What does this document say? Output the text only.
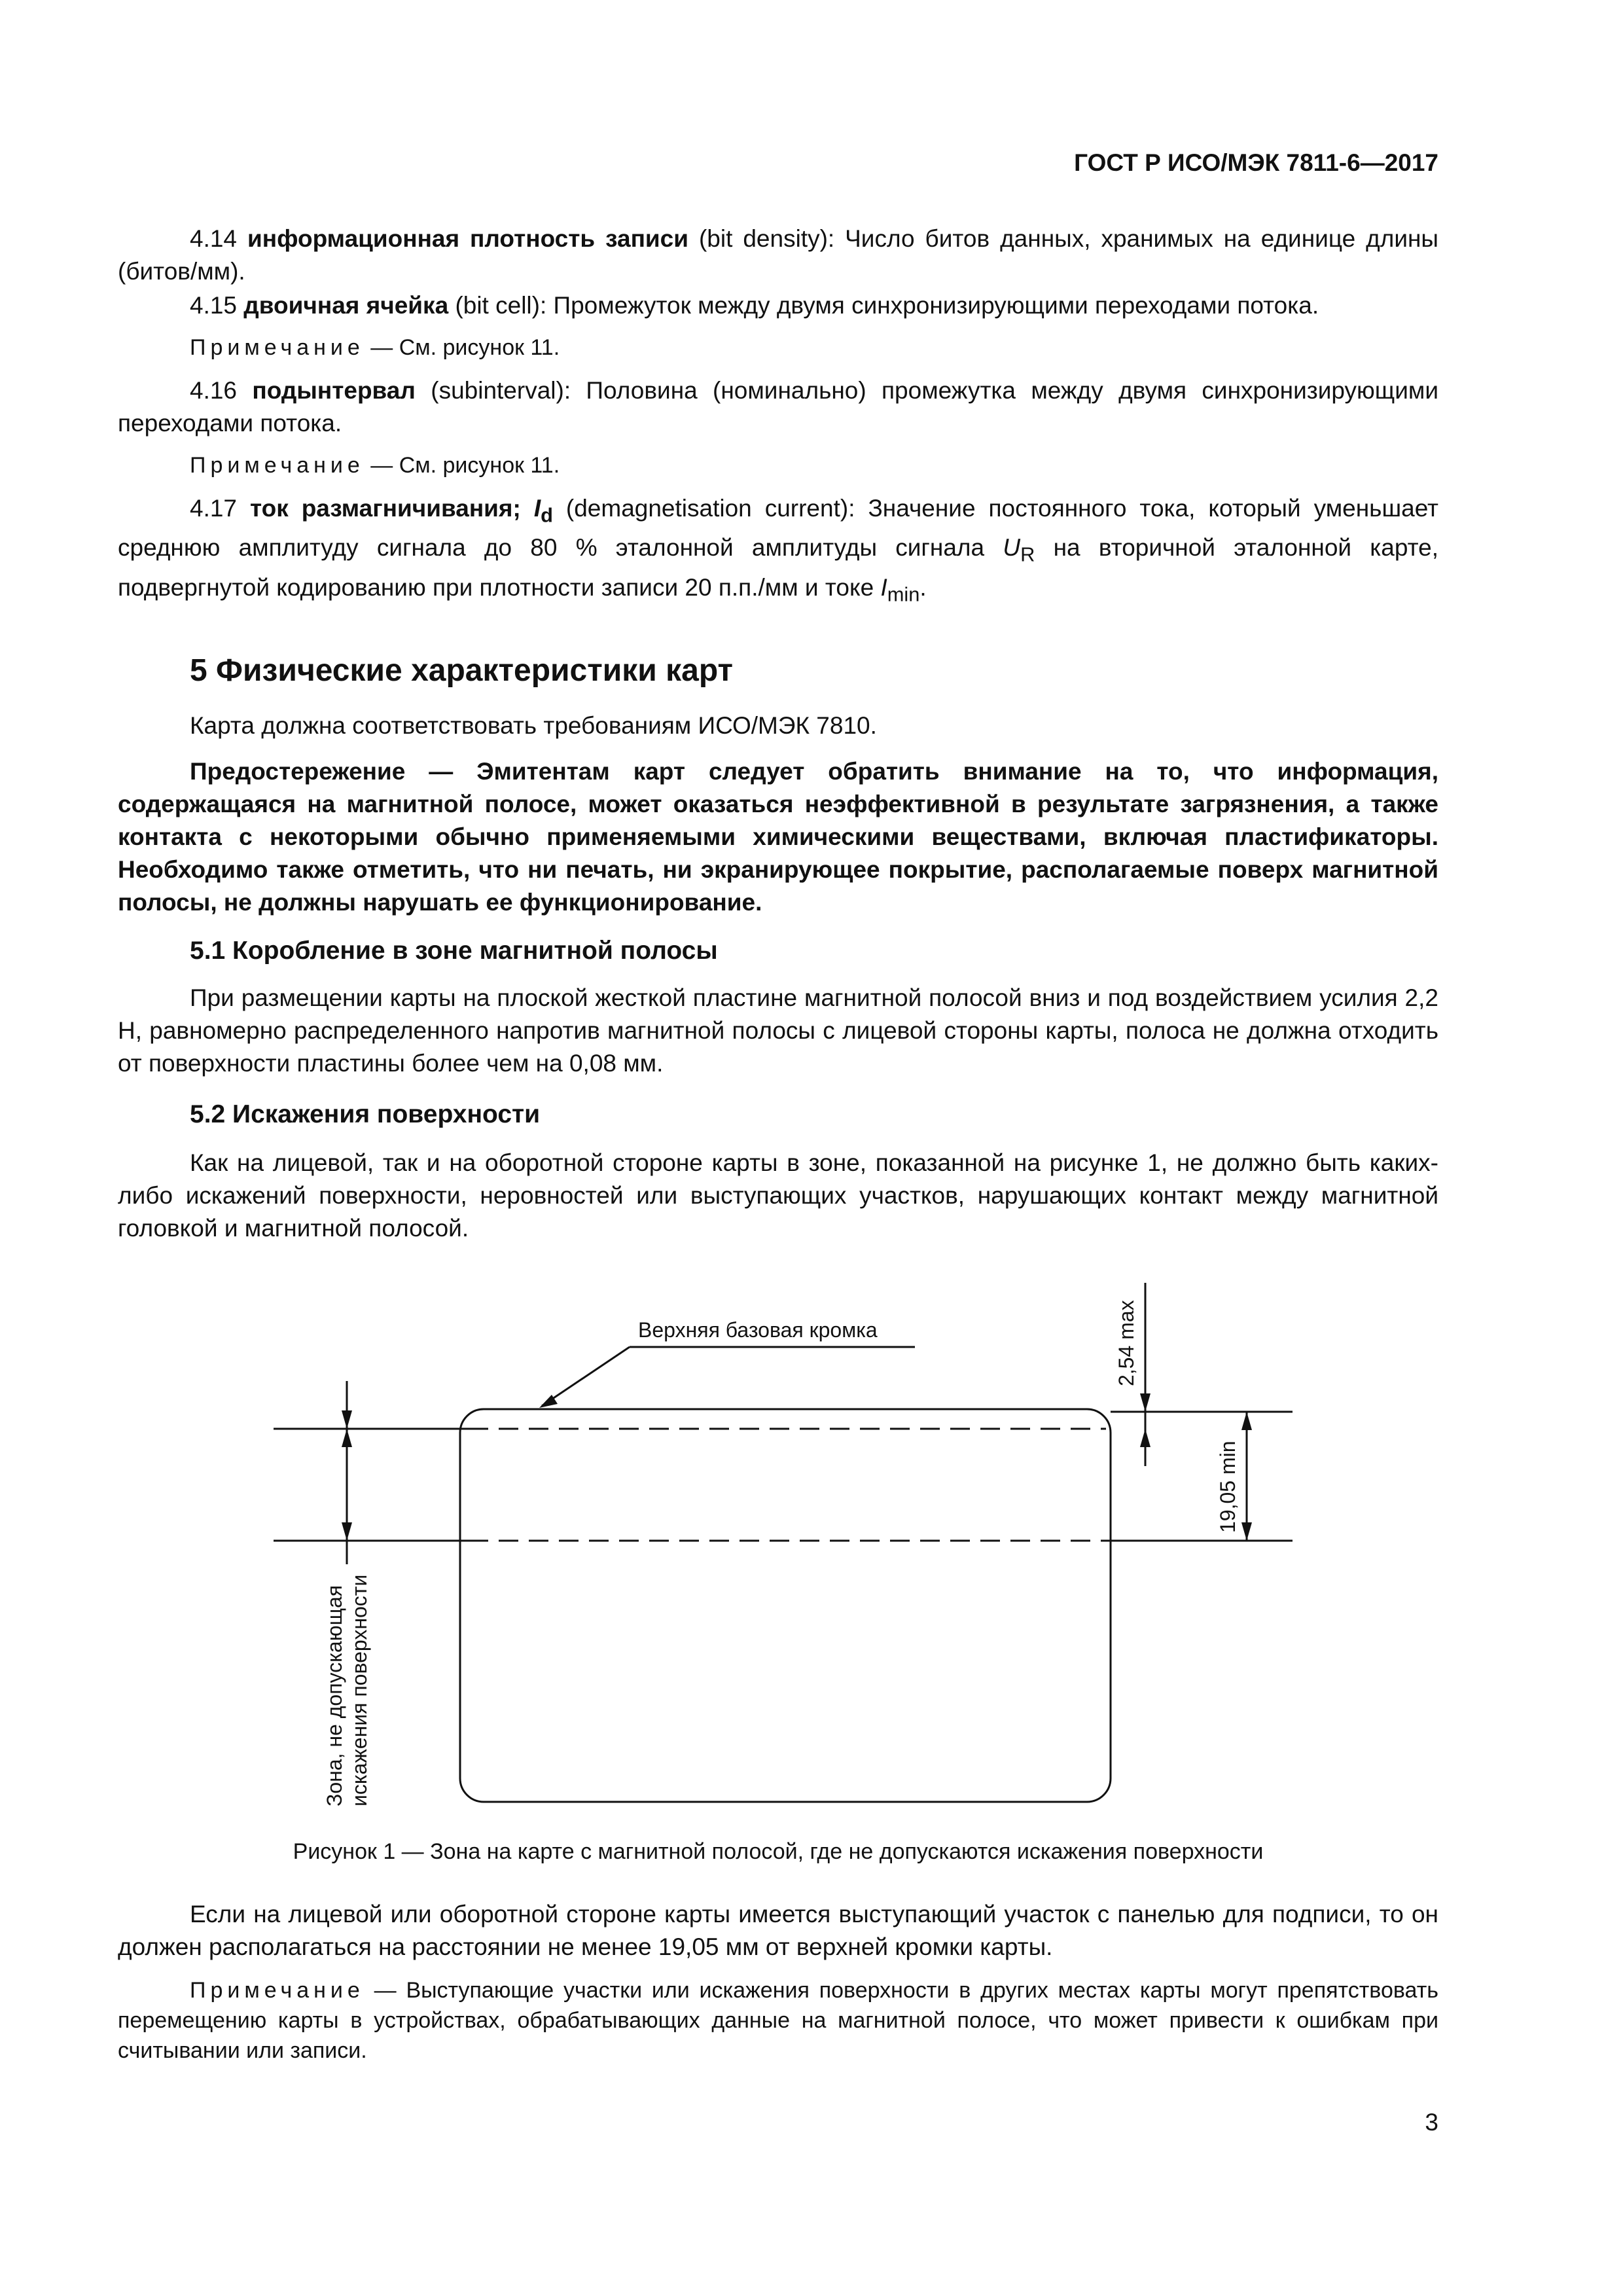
ГОСТ Р ИСО/МЭК 7811-6—2017

4.14 информационная плотность записи (bit density): Число битов данных, хранимых на единице длины (битов/мм).

4.15 двоичная ячейка (bit cell): Промежуток между двумя синхронизирующими переходами потока.

Примечание — См. рисунок 11.

4.16 подынтервал (subinterval): Половина (номинально) промежутка между двумя синхронизирующими переходами потока.

Примечание — См. рисунок 11.

4.17 ток размагничивания; $I_d$ (demagnetisation current): Значение постоянного тока, который уменьшает среднюю амплитуду сигнала до 80 % эталонной амплитуды сигнала $U_R$ на вторичной эталонной карте, подвергнутой кодированию при плотности записи 20 п.п./мм и токе $I_{min}$.

5 Физические характеристики карт

Карта должна соответствовать требованиям ИСО/МЭК 7810.

Предостережение — Эмитентам карт следует обратить внимание на то, что информация, содержащаяся на магнитной полосе, может оказаться неэффективной в результате загрязнения, а также контакта с некоторыми обычно применяемыми химическими веществами, включая пластификаторы. Необходимо также отметить, что ни печать, ни экранирующее покрытие, располагаемые поверх магнитной полосы, не должны нарушать ее функционирование.

5.1 Коробление в зоне магнитной полосы

При размещении карты на плоской жесткой пластине магнитной полосой вниз и под воздействием усилия 2,2 Н, равномерно распределенного напротив магнитной полосы с лицевой стороны карты, полоса не должна отходить от поверхности пластины более чем на 0,08 мм.

5.2 Искажения поверхности

Как на лицевой, так и на оборотной стороне карты в зоне, показанной на рисунке 1, не должно быть каких-либо искажений поверхности, неровностей или выступающих участков, нарушающих контакт между магнитной головкой и магнитной полосой.

Верхняя базовая кромка	2,54 max
19,05 min
Зона, не допускающая искажения поверхности
Рисунок 1 — Зона на карте с магнитной полосой, где не допускаются искажения поверхности

Если на лицевой или оборотной стороне карты имеется выступающий участок с панелью для подписи, то он должен располагаться на расстоянии не менее 19,05 мм от верхней кромки карты.

Примечание — Выступающие участки или искажения поверхности в других местах карты могут препятствовать перемещению карты в устройствах, обрабатывающих данные на магнитной полосе, что может привести к ошибкам при считывании или записи.

3
